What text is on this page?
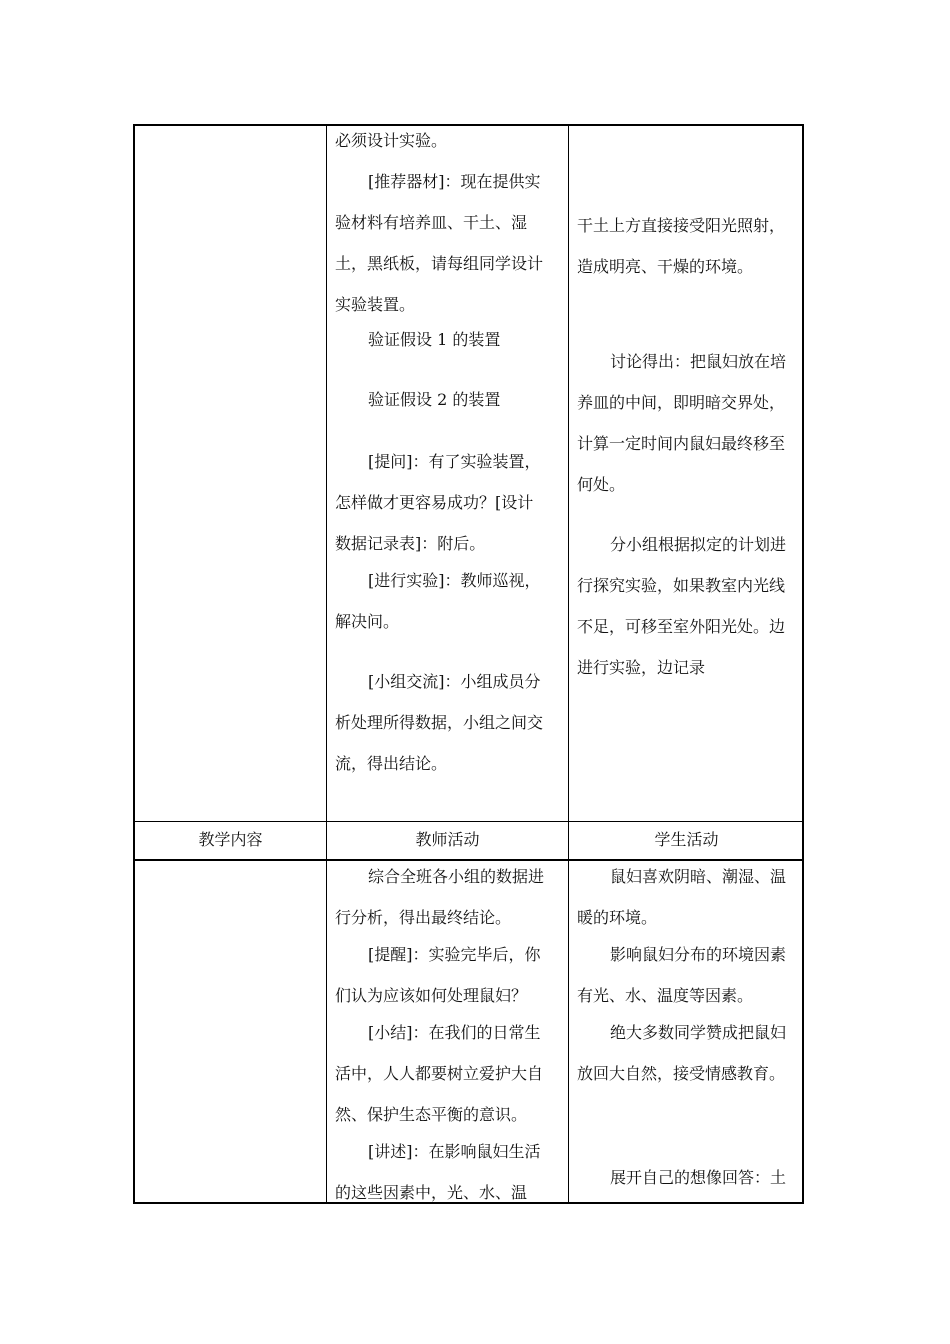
必须设计实验。

[推荐器材]：现在提供实

验材料有培养皿、干土、湿

土，黑纸板，请每组同学设计

实验装置。

验证假设 1 的装置

验证假设 2 的装置

[提问]：有了实验装置，

怎样做才更容易成功？[设计

数据记录表]：附后。

[进行实验]：教师巡视，

解决问。

[小组交流]：小组成员分

析处理所得数据，小组之间交

流，得出结论。

干土上方直接接受阳光照射，

造成明亮、干燥的环境。

讨论得出：把鼠妇放在培

养皿的中间，即明暗交界处，

计算一定时间内鼠妇最终移至

何处。

分小组根据拟定的计划进

行探究实验，如果教室内光线

不足，可移至室外阳光处。边

进行实验，边记录

教学内容	教师活动	学生活动

综合全班各小组的数据进

行分析，得出最终结论。

[提醒]：实验完毕后，你

们认为应该如何处理鼠妇？

[小结]：在我们的日常生

活中，人人都要树立爱护大自

然、保护生态平衡的意识。

[讲述]：在影响鼠妇生活

的这些因素中，光、水、温

鼠妇喜欢阴暗、潮湿、温

暖的环境。

影响鼠妇分布的环境因素

有光、水、温度等因素。

绝大多数同学赞成把鼠妇

放回大自然，接受情感教育。

展开自己的想像回答：土
